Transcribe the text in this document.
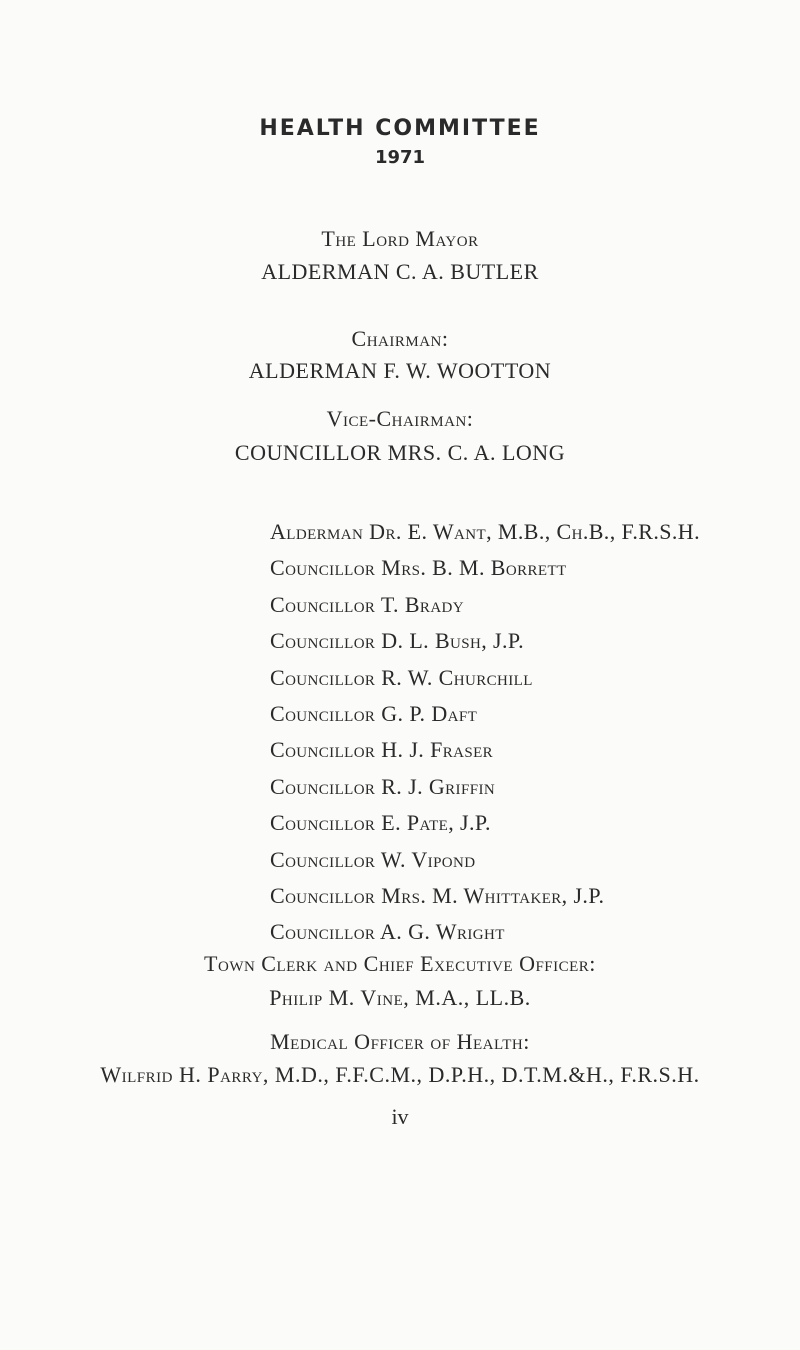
HEALTH COMMITTEE
1971
The Lord Mayor
ALDERMAN C. A. BUTLER
Chairman:
ALDERMAN F. W. WOOTTON
Vice-Chairman:
COUNCILLOR MRS. C. A. LONG
Alderman Dr. E. Want, M.B., Ch.B., F.R.S.H.
Councillor Mrs. B. M. Borrett
Councillor T. Brady
Councillor D. L. Bush, J.P.
Councillor R. W. Churchill
Councillor G. P. Daft
Councillor H. J. Fraser
Councillor R. J. Griffin
Councillor E. Pate, J.P.
Councillor W. Vipond
Councillor Mrs. M. Whittaker, J.P.
Councillor A. G. Wright
Town Clerk and Chief Executive Officer:
Philip M. Vine, M.A., LL.B.
Medical Officer of Health:
Wilfrid H. Parry, M.D., F.F.C.M., D.P.H., D.T.M.&H., F.R.S.H.
iv
